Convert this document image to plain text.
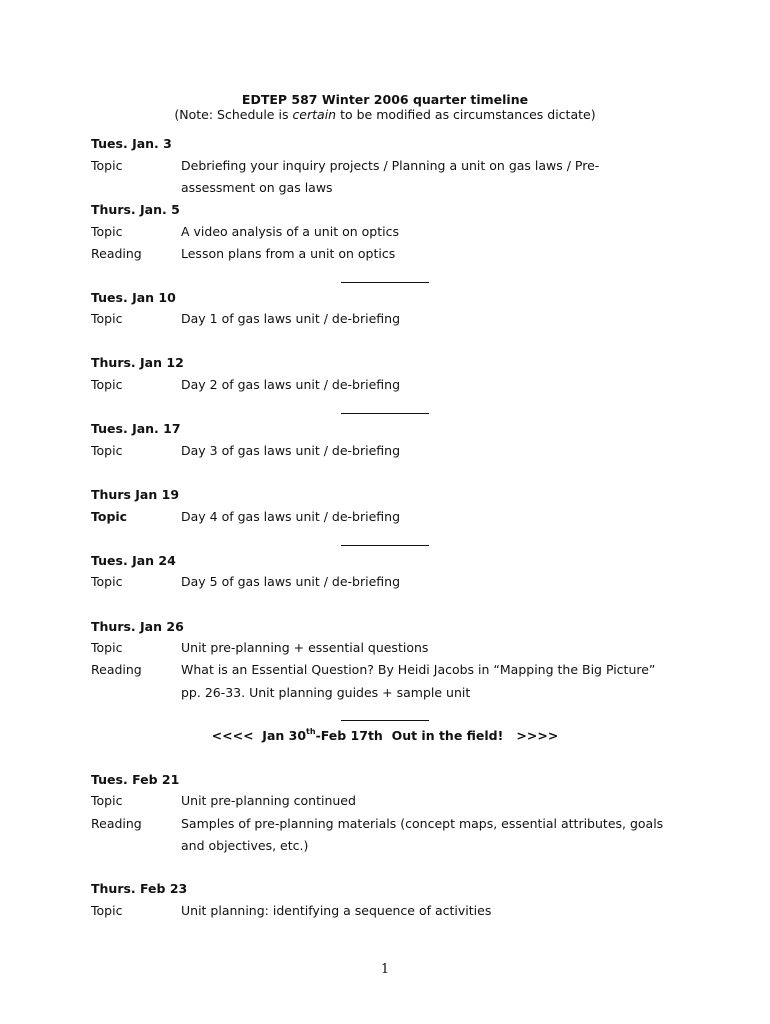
EDTEP 587 Winter 2006 quarter timeline
(Note: Schedule is certain to be modified as circumstances dictate)
Tues. Jan. 3
Topic	Debriefing your inquiry projects / Planning a unit on gas laws / Pre-
assessment on gas laws
Thurs. Jan. 5
Topic	A video analysis of a unit on optics
Reading	Lesson plans from a unit on optics
Tues. Jan 10
Topic	Day 1 of gas laws unit / de-briefing
Thurs. Jan 12
Topic	Day 2 of gas laws unit / de-briefing
Tues. Jan. 17
Topic	Day 3 of gas laws unit / de-briefing
Thurs Jan 19
Topic	Day 4 of gas laws unit / de-briefing
Tues. Jan 24
Topic	Day 5 of gas laws unit / de-briefing
Thurs. Jan 26
Topic	Unit pre-planning + essential questions
Reading	What is an Essential Question? By Heidi Jacobs in “Mapping the Big Picture”
pp. 26-33. Unit planning guides + sample unit
<<<< Jan 30th-Feb 17th Out in the field! >>>>
Tues. Feb 21
Topic	Unit pre-planning continued
Reading	Samples of pre-planning materials (concept maps, essential attributes, goals
and objectives, etc.)
Thurs. Feb 23
Topic	Unit planning: identifying a sequence of activities
1
